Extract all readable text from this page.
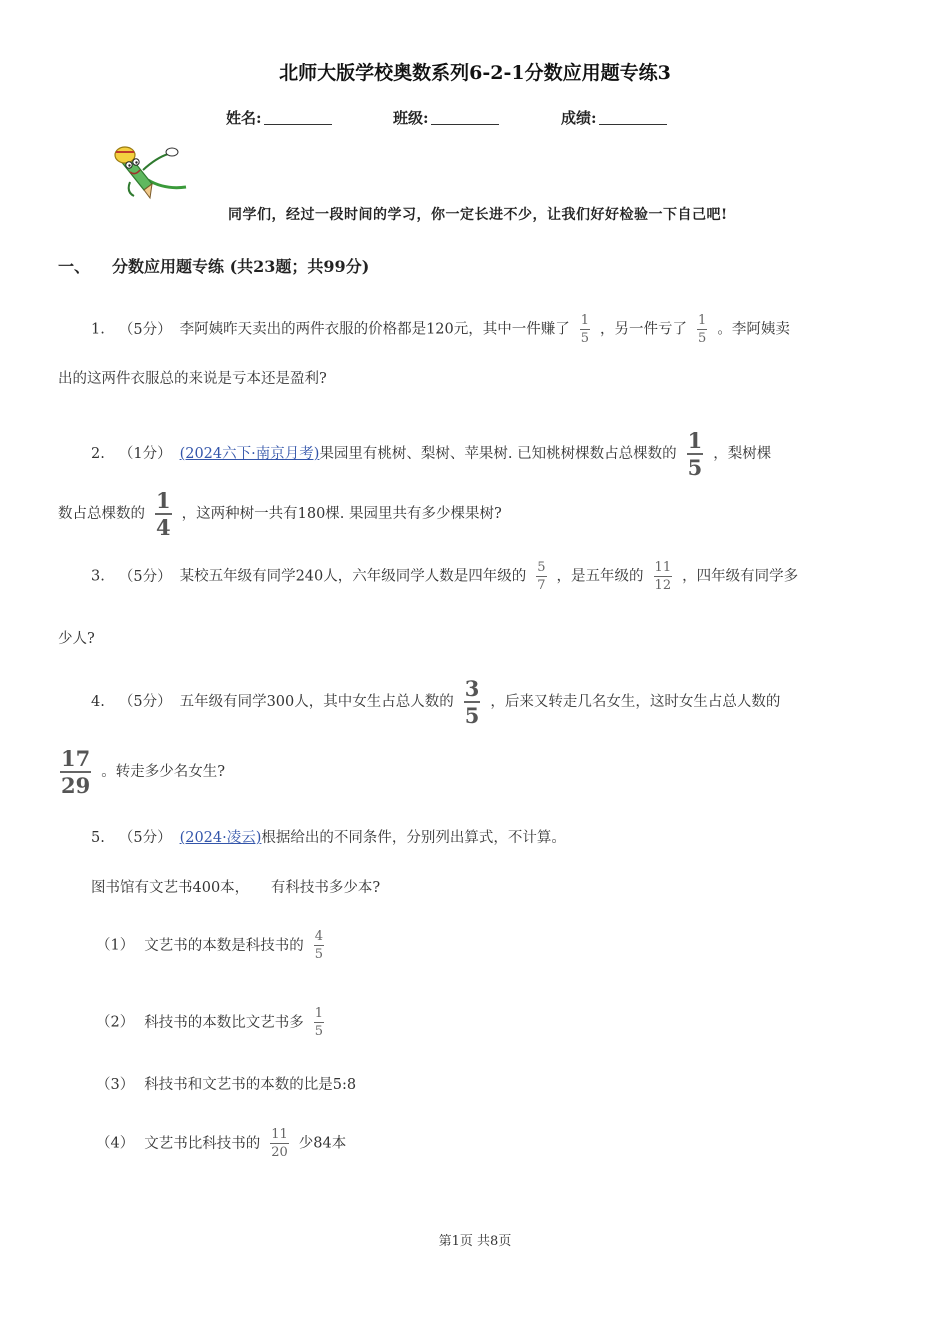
北师大版学校奥数系列6-2-1分数应用题专练3
姓名:	班级:	成绩:
同学们，经过一段时间的学习，你一定长进不少，让我们好好检验一下自己吧!
一、 分数应用题专练 (共23题；共99分)
1. （5分） 李阿姨昨天卖出的两件衣服的价格都是120元，其中一件赚了 $\frac{1}{5}$ ，另一件亏了 $\frac{1}{5}$ 。李阿姨卖
出的这两件衣服总的来说是亏本还是盈利?
2. （1分） (2024六下·南京月考)果园里有桃树、梨树、苹果树. 已知桃树棵数占总棵数的 $\frac{1}{5}$ ，梨树棵
数占总棵数的 $\frac{1}{4}$ ，这两种树一共有180棵. 果园里共有多少棵果树?
3. （5分） 某校五年级有同学240人，六年级同学人数是四年级的 $\frac{5}{7}$ ，是五年级的 $\frac{11}{12}$ ，四年级有同学多
少人?
4. （5分） 五年级有同学300人，其中女生占总人数的 $\frac{3}{5}$ ，后来又转走几名女生，这时女生占总人数的
$\frac{17}{29}$ 。转走多少名女生?
5. （5分） (2024·凌云)根据给出的不同条件，分别列出算式，不计算。
图书馆有文艺书400本，　　有科技书多少本?
（1） 文艺书的本数是科技书的 $\frac{4}{5}$
（2） 科技书的本数比文艺书多 $\frac{1}{5}$
（3） 科技书和文艺书的本数的比是5:8
（4） 文艺书比科技书的 $\frac{11}{20}$ 少84本
第1页 共8页
